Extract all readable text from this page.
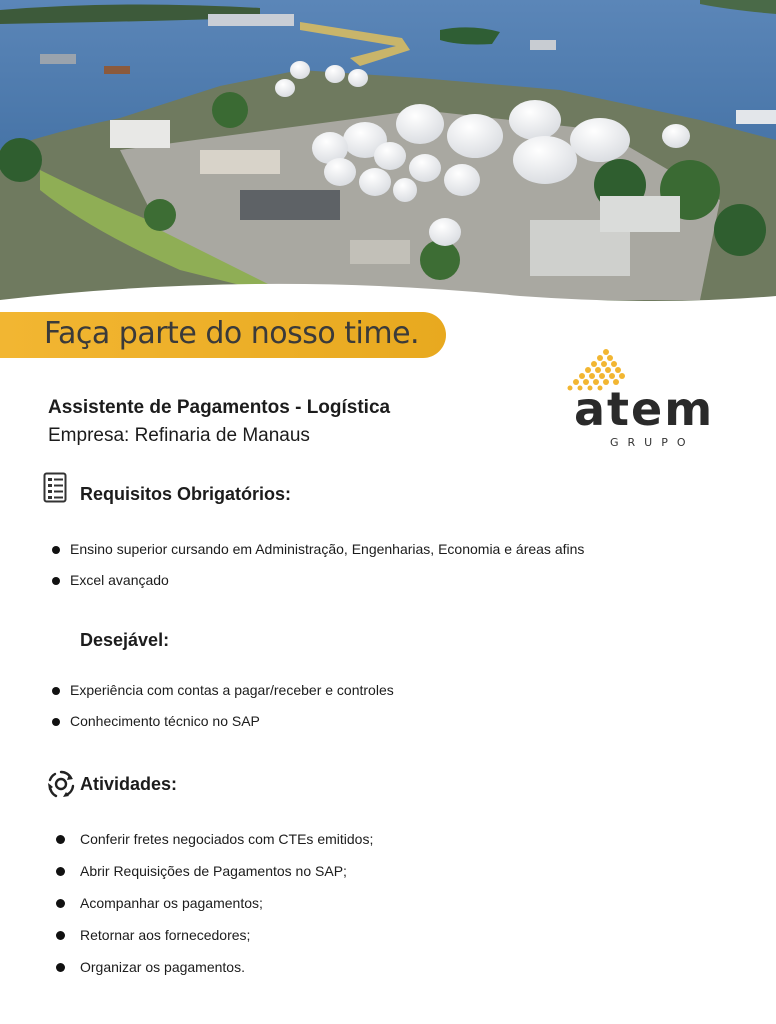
Faça parte do nosso time.
atem
GRUPO
Assistente de Pagamentos - Logística
Empresa: Refinaria de Manaus
Requisitos Obrigatórios:
Ensino superior cursando em Administração, Engenharias, Economia e áreas afins
Excel avançado
Desejável:
Experiência com contas a pagar/receber e controles
Conhecimento técnico no SAP
Atividades:
Conferir fretes negociados com CTEs emitidos;
Abrir Requisições de Pagamentos no SAP;
Acompanhar os pagamentos;
Retornar aos fornecedores;
Organizar os pagamentos.
